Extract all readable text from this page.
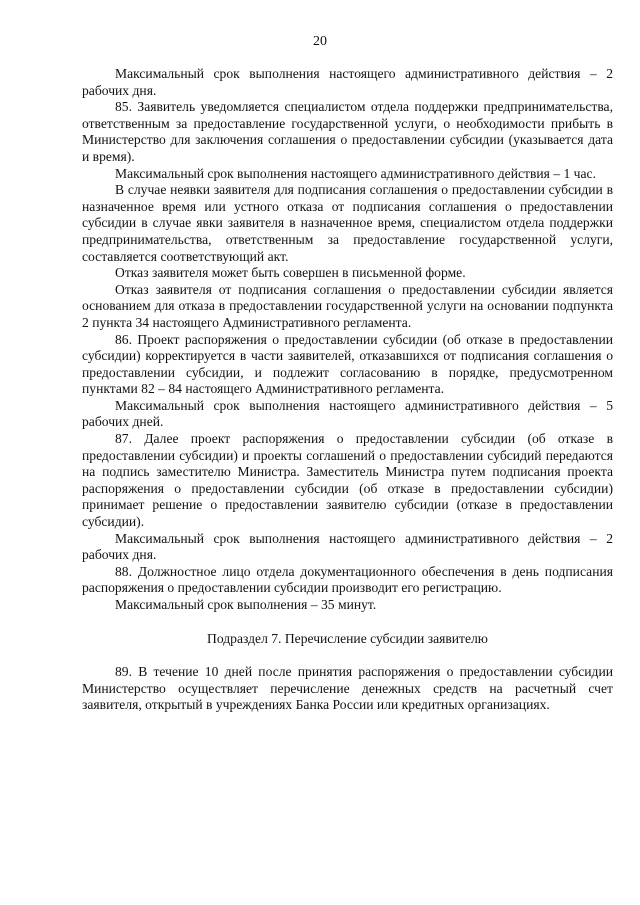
20

Максимальный срок выполнения настоящего административного действия – 2 рабочих дня.

85. Заявитель уведомляется специалистом отдела поддержки предпринимательства, ответственным за предоставление государственной услуги, о необходимости прибыть в Министерство для заключения соглашения о предоставлении субсидии (указывается дата и время).

Максимальный срок выполнения настоящего административного действия – 1 час.

В случае неявки заявителя для подписания соглашения о предоставлении субсидии в назначенное время или устного отказа от подписания соглашения о предоставлении субсидии в случае явки заявителя в назначенное время, специалистом отдела поддержки предпринимательства, ответственным за предоставление государственной услуги, составляется соответствующий акт.

Отказ заявителя может быть совершен в письменной форме.

Отказ заявителя от подписания соглашения о предоставлении субсидии является основанием для отказа в предоставлении государственной услуги на основании подпункта 2 пункта 34 настоящего Административного регламента.

86. Проект распоряжения о предоставлении субсидии (об отказе в предоставлении субсидии) корректируется в части заявителей, отказавшихся от подписания соглашения о предоставлении субсидии, и подлежит согласованию в порядке, предусмотренном пунктами 82 – 84 настоящего Административного регламента.

Максимальный срок выполнения настоящего административного действия – 5 рабочих дней.

87. Далее проект распоряжения о предоставлении субсидии (об отказе в предоставлении субсидии) и проекты соглашений о предоставлении субсидий передаются на подпись заместителю Министра. Заместитель Министра путем подписания проекта распоряжения о предоставлении субсидии (об отказе в предоставлении субсидии) принимает решение о предоставлении заявителю субсидии (отказе в предоставлении субсидии).

Максимальный срок выполнения настоящего административного действия – 2 рабочих дня.

88. Должностное лицо отдела документационного обеспечения в день подписания распоряжения о предоставлении субсидии производит его регистрацию.

Максимальный срок выполнения – 35 минут.

Подраздел 7. Перечисление субсидии заявителю

89. В течение 10 дней после принятия распоряжения о предоставлении субсидии Министерство осуществляет перечисление денежных средств на расчетный счет заявителя, открытый в учреждениях Банка России или кредитных организациях.
